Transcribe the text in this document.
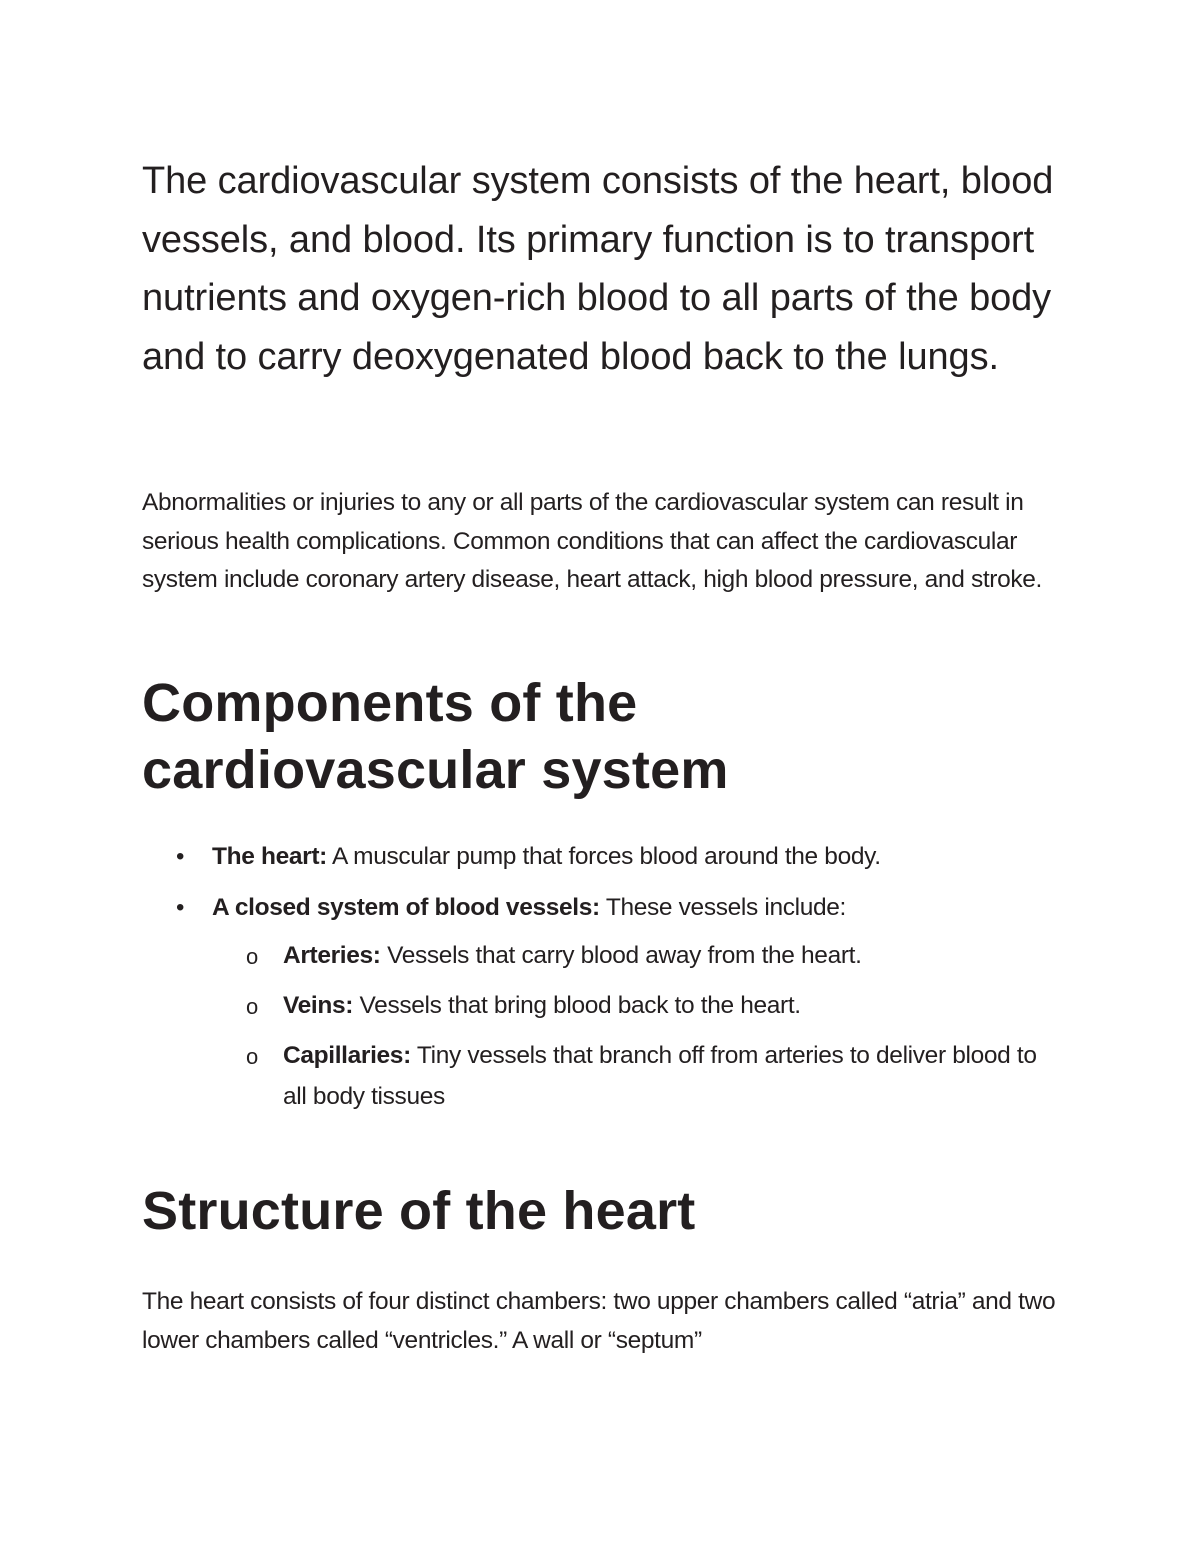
The cardiovascular system consists of the heart, blood vessels, and blood. Its primary function is to transport nutrients and oxygen-rich blood to all parts of the body and to carry deoxygenated blood back to the lungs.

Abnormalities or injuries to any or all parts of the cardiovascular system can result in serious health complications. Common conditions that can affect the cardiovascular system include coronary artery disease, heart attack, high blood pressure, and stroke.

Components of the cardiovascular system
• The heart: A muscular pump that forces blood around the body.
• A closed system of blood vessels: These vessels include:
o Arteries: Vessels that carry blood away from the heart.
o Veins: Vessels that bring blood back to the heart.
o Capillaries: Tiny vessels that branch off from arteries to deliver blood to all body tissues
Structure of the heart

The heart consists of four distinct chambers: two upper chambers called “atria” and two lower chambers called “ventricles.” A wall or “septum”
